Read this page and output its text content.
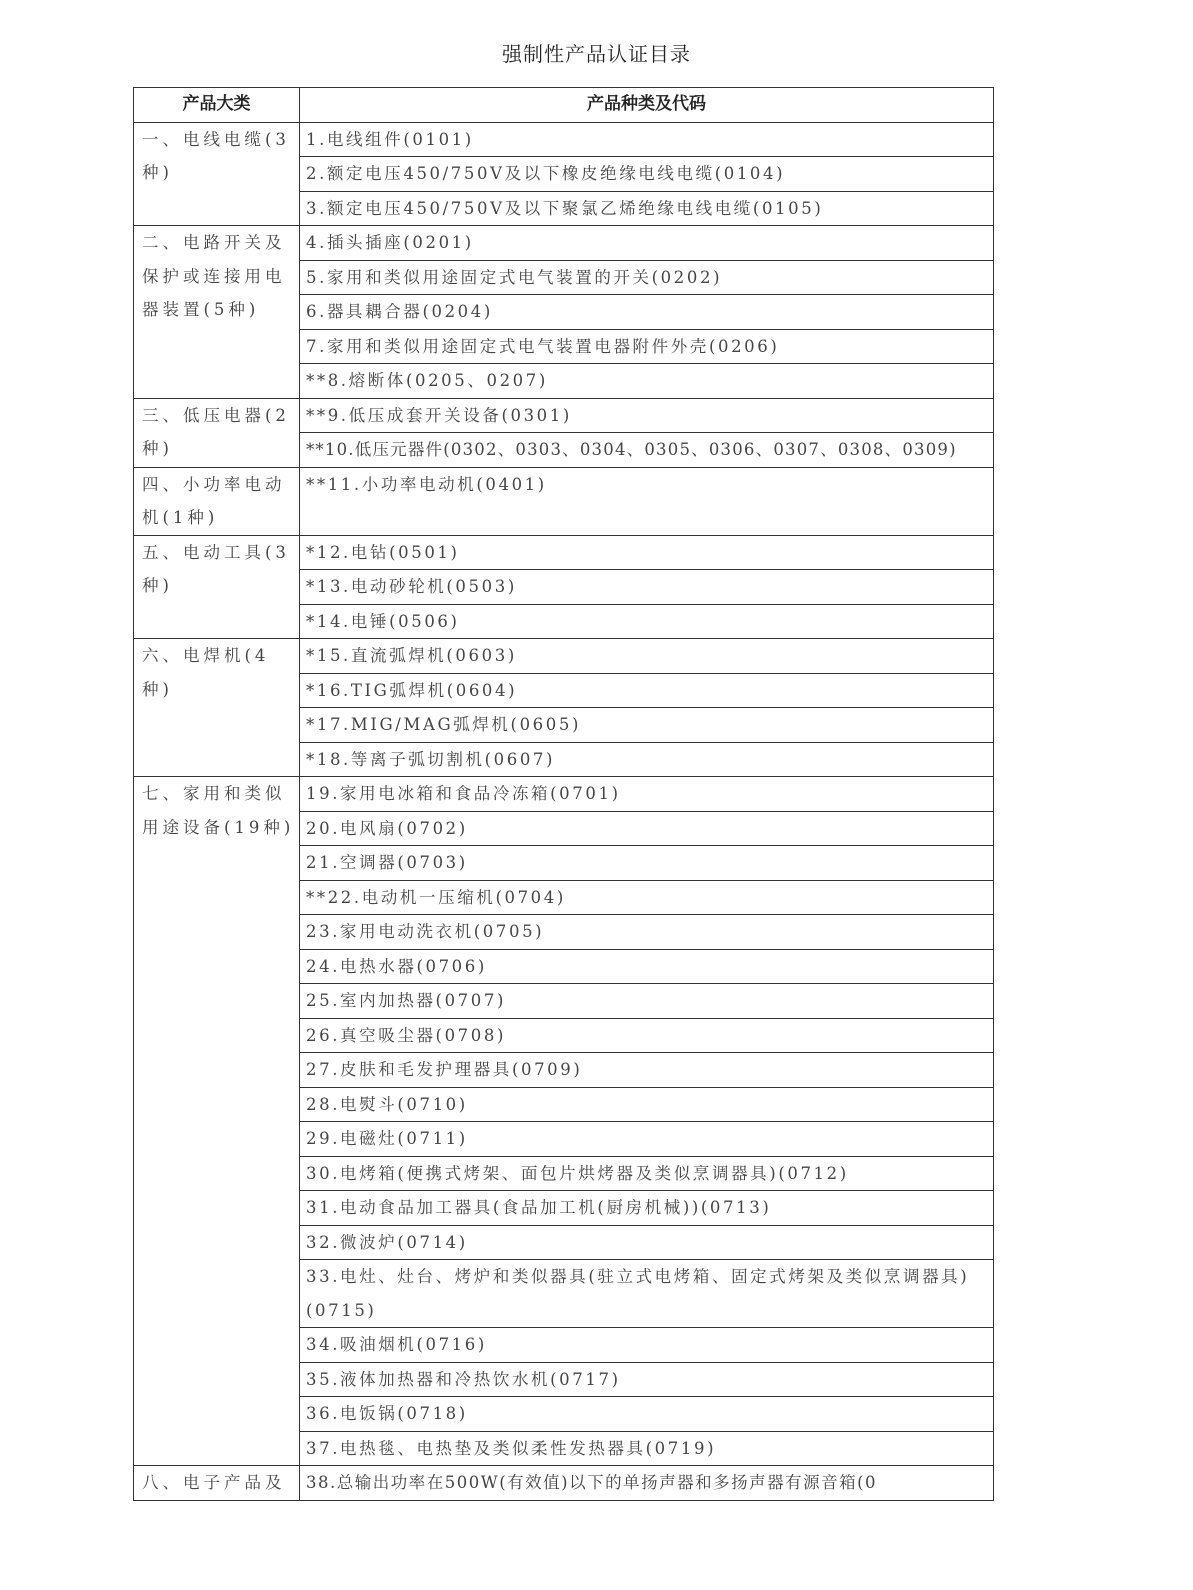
强制性产品认证目录
产品大类	产品种类及代码
一、电线电缆(3种)	1.电线组件(0101)
	2.额定电压450/750V及以下橡皮绝缘电线电缆(0104)
	3.额定电压450/750V及以下聚氯乙烯绝缘电线电缆(0105)
二、电路开关及保护或连接用电器装置(5种)	4.插头插座(0201)
	5.家用和类似用途固定式电气装置的开关(0202)
	6.器具耦合器(0204)
	7.家用和类似用途固定式电气装置电器附件外壳(0206)
	**8.熔断体(0205、0207)
三、低压电器(2种)	**9.低压成套开关设备(0301)
	**10.低压元器件(0302、0303、0304、0305、0306、0307、0308、0309)
四、小功率电动机(1种)	**11.小功率电动机(0401)
五、电动工具(3种)	*12.电钻(0501)
	*13.电动砂轮机(0503)
	*14.电锤(0506)
六、电焊机(4种)	*15.直流弧焊机(0603)
	*16.TIG弧焊机(0604)
	*17.MIG/MAG弧焊机(0605)
	*18.等离子弧切割机(0607)
七、家用和类似用途设备(19种)	19.家用电冰箱和食品冷冻箱(0701)
	20.电风扇(0702)
	21.空调器(0703)
	**22.电动机一压缩机(0704)
	23.家用电动洗衣机(0705)
	24.电热水器(0706)
	25.室内加热器(0707)
	26.真空吸尘器(0708)
	27.皮肤和毛发护理器具(0709)
	28.电熨斗(0710)
	29.电磁灶(0711)
	30.电烤箱(便携式烤架、面包片烘烤器及类似烹调器具)(0712)
	31.电动食品加工器具(食品加工机(厨房机械))(0713)
	32.微波炉(0714)
	33.电灶、灶台、烤炉和类似器具(驻立式电烤箱、固定式烤架及类似烹调器具)(0715)
	34.吸油烟机(0716)
	35.液体加热器和冷热饮水机(0717)
	36.电饭锅(0718)
	37.电热毯、电热垫及类似柔性发热器具(0719)
八、电子产品及	38.总输出功率在500W(有效值)以下的单扬声器和多扬声器有源音箱(0
